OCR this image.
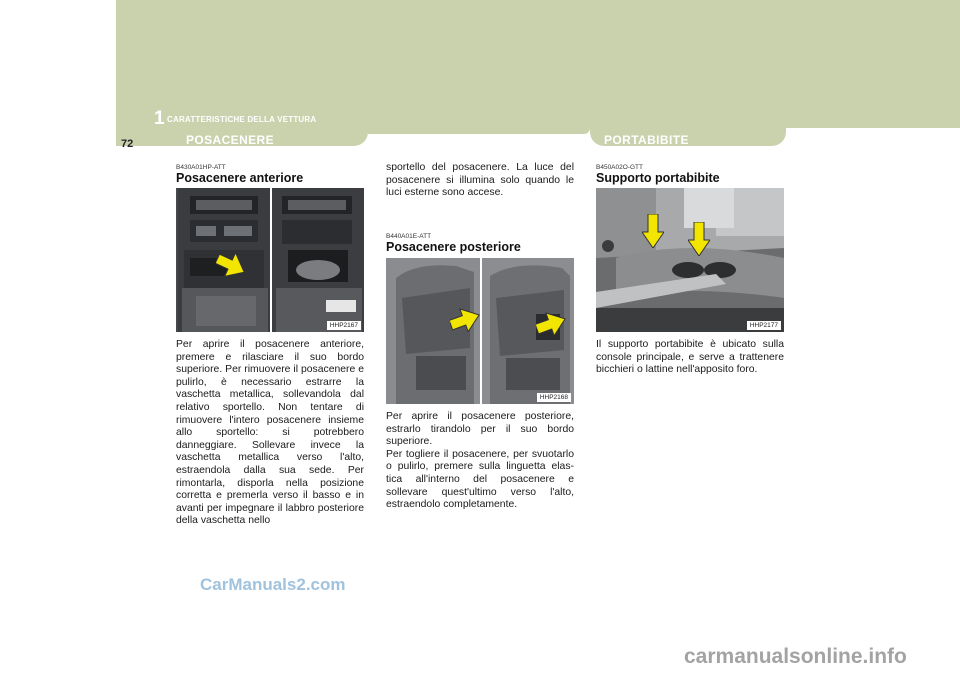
1 CARATTERISTICHE DELLA VETTURA
72	POSACENERE	PORTABIBITE
B430A01HP-ATT
Posacenere anteriore
HHP2167

Per aprire il posacenere anteriore, premere e rilasciare il suo bordo superiore. Per rimuovere il posacenere e pulirlo, è necessario estrarre la vaschetta metallica, sollevandola dal relativo sportello. Non tentare di rimuovere l'intero posacenere insieme allo sportello: si potrebbero danneggiare. Sollevare invece la vaschetta metallica verso l'alto, estraendola dalla sua sede. Per rimontarla, disporla nella posizione corretta e premerla verso il basso e in avanti per impegnare il labbro posteriore della vaschetta nello

sportello del posacenere. La luce del posacenere si illumina solo quando le luci esterne sono accese.

B440A01E-ATT
Posacenere posteriore
HHP2168

Per aprire il posacenere posteriore, estrarlo tirandolo per il suo bordo superiore.

Per togliere il posacenere, per svuotarlo o pulirlo, premere sulla linguetta elas- tica all'interno del posacenere e sollevare quest'ultimo verso l'alto, estraendolo completamente.

B450A02O-GTT
Supporto portabibite
HHP2177

Il supporto portabibite è ubicato sulla console principale, e serve a trattenere bicchieri o lattine nell'apposito foro.

CarManuals2.com
carmanualsonline.info
